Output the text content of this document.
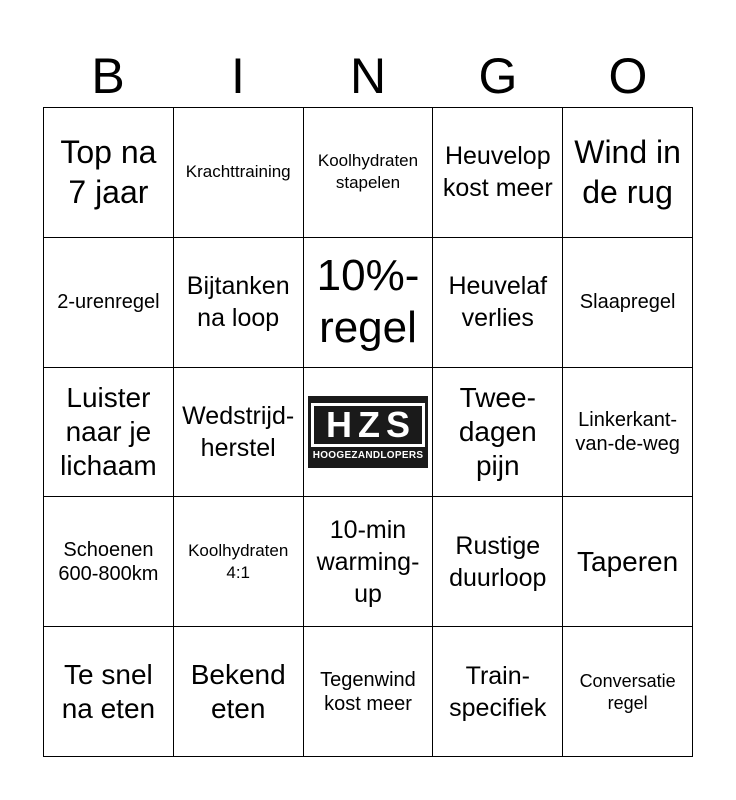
B	I	N	G	O
Top na 7 jaar
Krachttraining
Koolhydraten stapelen
Heuvelop kost meer
Wind in de rug
2-urenregel
Bijtanken na loop
10%-regel
Heuvelaf verlies
Slaapregel
Luister naar je lichaam
Wedstrijd-herstel
HZS
HOOGEZANDLOPERS
Twee-dagen pijn
Linkerkant-van-de-weg
Schoenen 600-800km
Koolhydraten 4:1
10-min warming-up
Rustige duurloop
Taperen
Te snel na eten
Bekend eten
Tegenwind kost meer
Train-specifiek
Conversatie regel
